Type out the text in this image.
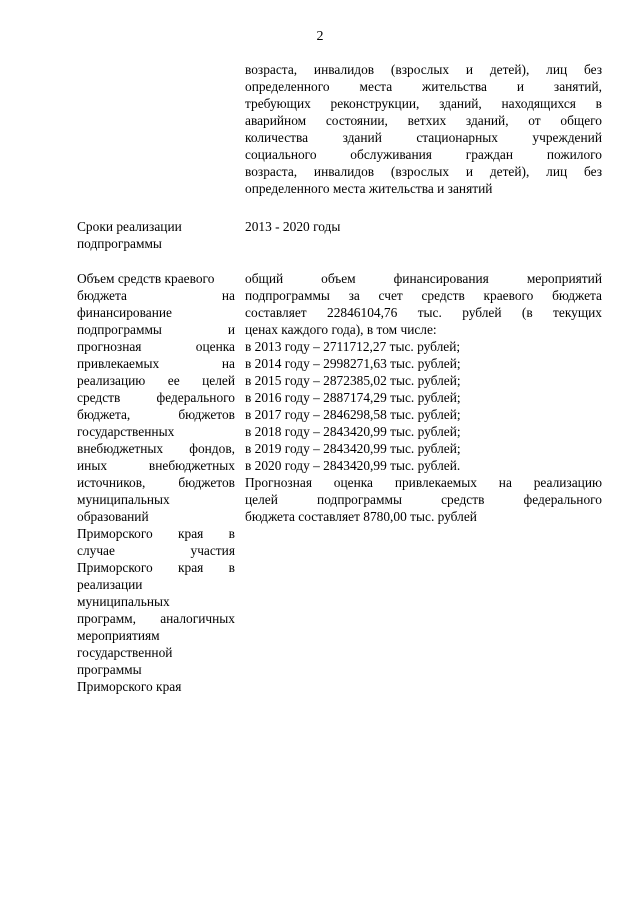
2
возраста, инвалидов (взрослых и детей), лиц без
определенного места жительства и занятий,
требующих реконструкции, зданий, находящихся в
аварийном состоянии, ветхих зданий, от общего
количества зданий стационарных учреждений
социального обслуживания граждан пожилого
возраста, инвалидов (взрослых и детей), лиц без
определенного места жительства и занятий
Сроки реализации
подпрограммы
2013 - 2020 годы
Объем средств краевого
бюджета на
финансирование
подпрограммы и
прогнозная оценка
привлекаемых на
реализацию ее целей
средств федерального
бюджета, бюджетов
государственных
внебюджетных фондов,
иных внебюджетных
источников, бюджетов
муниципальных
образований
Приморского края в
случае участия
Приморского края в
реализации
муниципальных
программ, аналогичных
мероприятиям
государственной
программы
Приморского края
общий объем финансирования мероприятий
подпрограммы за счет средств краевого бюджета
составляет 22846104,76 тыс. рублей (в текущих
ценах каждого года), в том числе:
в 2013 году – 2711712,27 тыс. рублей;
в 2014 году – 2998271,63 тыс. рублей;
в 2015 году – 2872385,02 тыс. рублей;
в 2016 году – 2887174,29 тыс. рублей;
в 2017 году – 2846298,58 тыс. рублей;
в 2018 году – 2843420,99 тыс. рублей;
в 2019 году – 2843420,99 тыс. рублей;
в 2020 году – 2843420,99 тыс. рублей.
Прогнозная оценка привлекаемых на реализацию
целей подпрограммы средств федерального
бюджета составляет 8780,00 тыс. рублей
